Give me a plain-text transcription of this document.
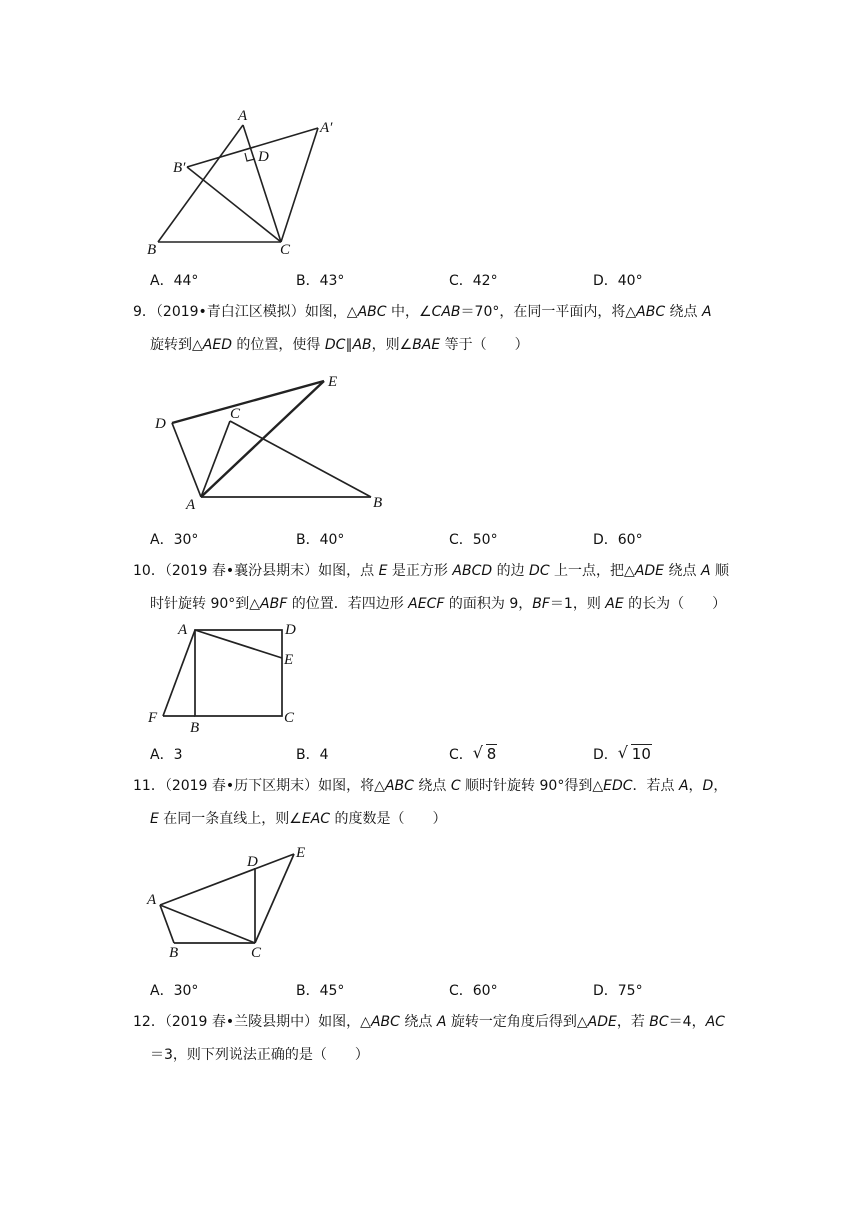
A
A′
B′
D
B	C
A．44°	B．43°	C．42°	D．40°
9．（2019•青白江区模拟）如图，△ABC 中，∠CAB＝70°，在同一平面内，将△ABC 绕点 A
旋转到△AED 的位置，使得 DC∥AB，则∠BAE 等于（　　）
D
C
E
A	B
A．30°	B．40°	C．50°	D．60°
10．（2019 春•襄汾县期末）如图，点 E 是正方形 ABCD 的边 DC 上一点，把△ADE 绕点 A 顺
时针旋转 90°到△ABF 的位置．若四边形 AECF 的面积为 9，BF＝1，则 AE 的长为（　　）
A	D
E
F
B
C
A．3	B．4	C． √ 8	D． √ 10
11．（2019 春•历下区期末）如图，将△ABC 绕点 C 顺时针旋转 90°得到△EDC．若点 A，D，
E 在同一条直线上，则∠EAC 的度数是（　　）
D
E
A
B	C
A．30°	B．45°	C．60°	D．75°
12．（2019 春•兰陵县期中）如图，△ABC 绕点 A 旋转一定角度后得到△ADE，若 BC＝4，AC
＝3，则下列说法正确的是（　　）
